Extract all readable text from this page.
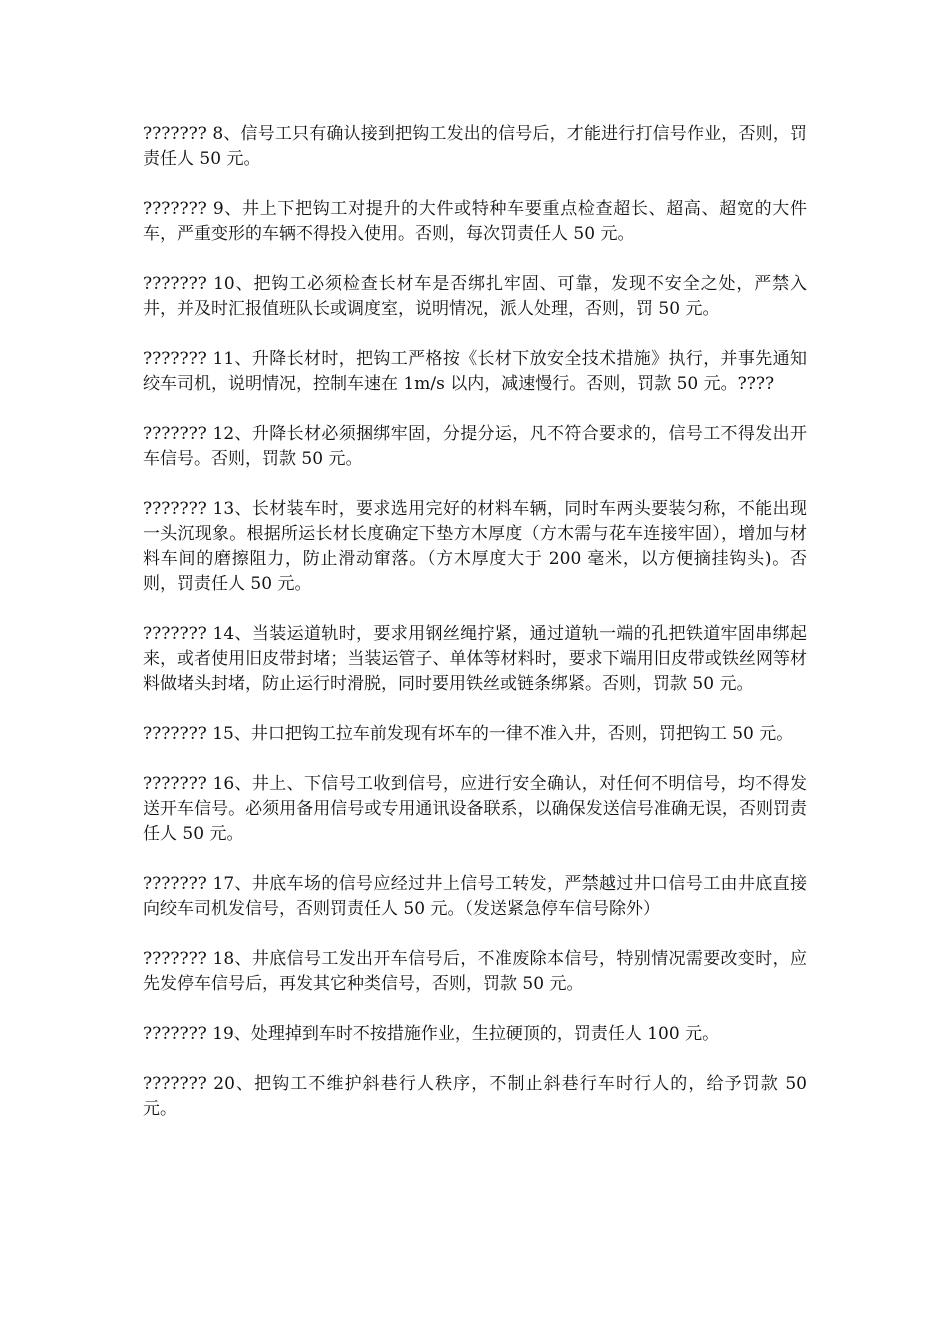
??????? 8、信号工只有确认接到把钩工发出的信号后，才能进行打信号作业，否则，罚责任人 50 元。

??????? 9、井上下把钩工对提升的大件或特种车要重点检查超长、超高、超宽的大件车，严重变形的车辆不得投入使用。否则，每次罚责任人 50 元。

??????? 10、把钩工必须检查长材车是否绑扎牢固、可靠，发现不安全之处，严禁入井，并及时汇报值班队长或调度室，说明情况，派人处理，否则，罚 50 元。

??????? 11、升降长材时，把钩工严格按《长材下放安全技术措施》执行，并事先通知绞车司机，说明情况，控制车速在 1m/s 以内，减速慢行。否则，罚款 50 元。????

??????? 12、升降长材必须捆绑牢固，分提分运，凡不符合要求的，信号工不得发出开车信号。否则，罚款 50 元。

??????? 13、长材装车时，要求选用完好的材料车辆，同时车两头要装匀称，不能出现一头沉现象。根据所运长材长度确定下垫方木厚度（方木需与花车连接牢固），增加与材料车间的磨擦阻力，防止滑动窜落。（方木厚度大于 200 毫米，以方便摘挂钩头)。否则，罚责任人 50 元。

??????? 14、当装运道轨时，要求用钢丝绳拧紧，通过道轨一端的孔把铁道牢固串绑起来，或者使用旧皮带封堵；当装运管子、单体等材料时，要求下端用旧皮带或铁丝网等材料做堵头封堵，防止运行时滑脱，同时要用铁丝或链条绑紧。否则，罚款 50 元。

??????? 15、井口把钩工拉车前发现有坏车的一律不准入井，否则，罚把钩工 50 元。

??????? 16、井上、下信号工收到信号，应进行安全确认，对任何不明信号，均不得发送开车信号。必须用备用信号或专用通讯设备联系，以确保发送信号准确无误，否则罚责任人 50 元。

??????? 17、井底车场的信号应经过井上信号工转发，严禁越过井口信号工由井底直接向绞车司机发信号，否则罚责任人 50 元。（发送紧急停车信号除外）

??????? 18、井底信号工发出开车信号后，不准废除本信号，特别情况需要改变时，应先发停车信号后，再发其它种类信号，否则，罚款 50 元。

??????? 19、处理掉到车时不按措施作业，生拉硬顶的，罚责任人 100 元。

??????? 20、把钩工不维护斜巷行人秩序，不制止斜巷行车时行人的，给予罚款 50 元。
